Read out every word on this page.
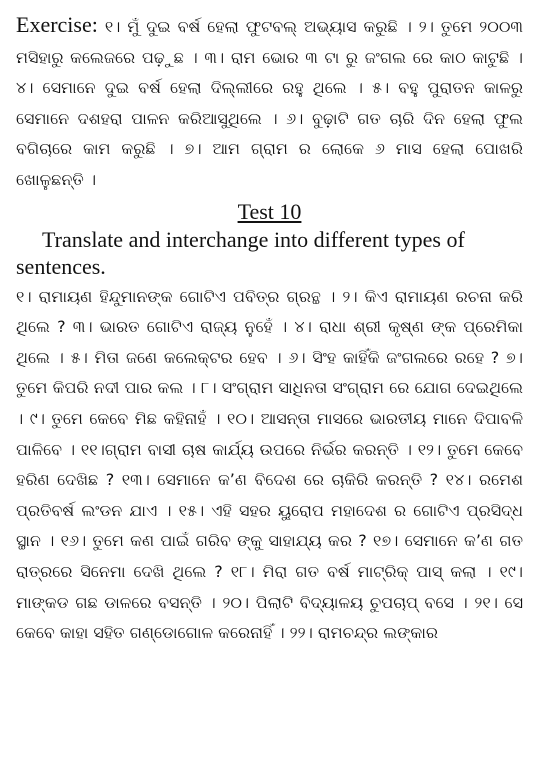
Exercise: ୧। ମୁଁ ଦୁଇ ବର୍ଷ ହେଲା ଫୁଟବଲ୍ ଅଭ୍ୟାସ କରୁଛି । ୨। ତୁମେ ୨୦୦୩ ମସିହାରୁ କଲେଜରେ ପଢ଼ୁଛ । ୩। ରାମ ଭୋର ୩ ଟା ରୁ ଜଂଗଲ ରେ କାଠ କାଟୁଛି । ୪। ସେମାନେ ଦୁଇ ବର୍ଷ ହେଲା ଦିଲ୍ଲୀରେ ରହୁ ଥିଲେ । ୫। ବହୁ ପୁରାତନ କାଳରୁ ସେମାନେ ଦଶହରା ପାଳନ କରିଆସୁଥିଲେ । ୬। ବୁଢ଼ାଟି ଗତ ଚାରି ଦିନ ହେଲା ଫୁଲ ବଗିଚାରେ କାମ କରୁଛି । ୭। ଆମ ଗ୍ରାମ ର ଲୋକେ ୬ ମାସ ହେଲା ପୋଖରି ଖୋଳୁଛନ୍ତି ।

Test 10

Translate and interchange into different types of sentences.

୧। ରାମାୟଣ ହିନ୍ଦୁମାନଙ୍କ ଗୋଟିଏ ପବିତ୍ର ଗ୍ରନ୍ଥ । ୨। କିଏ ରାମାୟଣ ରଚନା କରି ଥିଲେ ? ୩। ଭାରତ ଗୋଟିଏ ରାଜ୍ୟ ନୁହେଁ । ୪। ରାଧା ଶ୍ରୀ କୃଷ୍ଣ ଙ୍କ ପ୍ରେମିକା ଥିଲେ । ୫। ମିତା ଜଣେ କଲେକ୍ଟର ହେବ । ୬। ସିଂହ କାହିଁକି ଜଂଗଲରେ ରହେ ? ୭। ତୁମେ କିପରି ନଦୀ ପାର କଲ । ୮। ସଂଗ୍ରାମ ସାଧିନତା ସଂଗ୍ରାମ ରେ ଯୋଗ ଦେଇଥିଲେ । ୯। ତୁମେ କେବେ ମିଛ କହିନାହଁ । ୧୦। ଆସନ୍ତା ମାସରେ ଭାରତୀୟ ମାନେ ଦିପାବଳି ପାଳିବେ । ୧୧।ଗ୍ରାମ ବାସୀ ଚାଷ କାର୍ଯ୍ୟ ଉପରେ ନିର୍ଭର କରନ୍ତି । ୧୨। ତୁମେ କେବେ ହରିଣ ଦେଖିଛ ? ୧୩। ସେମାନେ କ’ଣ ବିଦେଶ ରେ ଚାକିରି କରନ୍ତି ? ୧୪। ରମେଶ ପ୍ରତିବର୍ଷ ଲଂଡନ ଯାଏ । ୧୫। ଏହି ସହର ୟୁରୋପ ମହାଦେଶ ର ଗୋଟିଏ ପ୍ରସିଦ୍ଧ ସ୍ଥାନ । ୧୬। ତୁମେ କଣ ପାଇଁ ଗରିବ ଙ୍କୁ ସାହାଯ୍ୟ କର ? ୧୭। ସେମାନେ କ’ଣ ଗତ ରାତ୍ରରେ ସିନେମା ଦେଖି ଥିଲେ ? ୧୮। ମିରା ଗତ ବର୍ଷ ମାଟ୍ରିକ୍ ପାସ୍ କଲା । ୧୯। ମାଙ୍କଡ ଗଛ ଡାଳରେ ବସନ୍ତି । ୨୦। ପିଲାଟି ବିଦ୍ୟାଳୟ ଚୁପଚାପ୍ ବସେ । ୨୧। ସେ କେବେ କାହା ସହିତ ଗଣ୍ଡୋଗୋଳ କରେନାହିଁ । ୨୨। ରାମଚନ୍ଦ୍ର ଲଙ୍କାର
